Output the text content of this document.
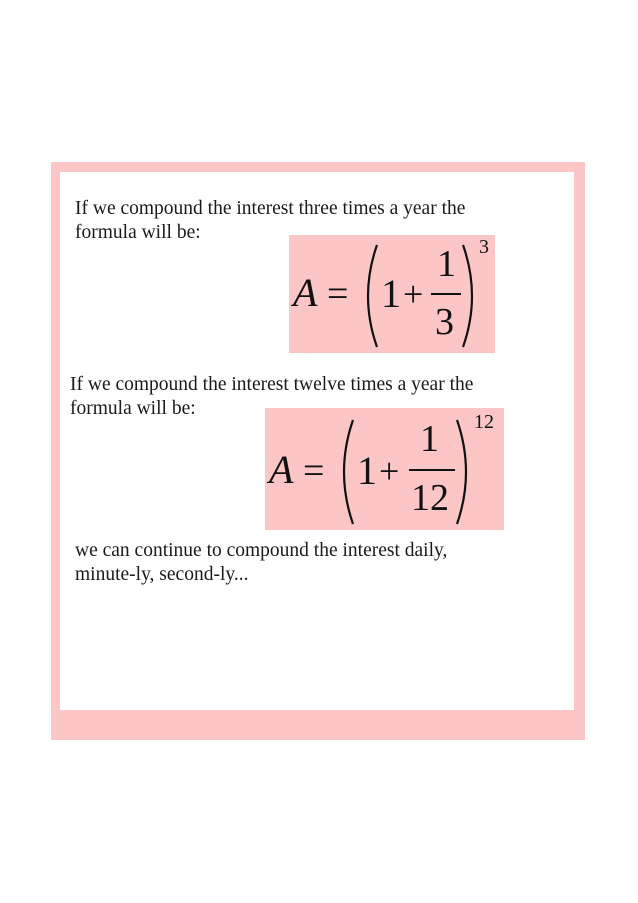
If we compound the interest three times a year the
formula will be:
A = 1 +
1
3
3
If we compound the interest twelve times a year the
formula will be:
A = 1 +
1
12
12
we can continue to compound the interest daily,
minute-ly, second-ly...
